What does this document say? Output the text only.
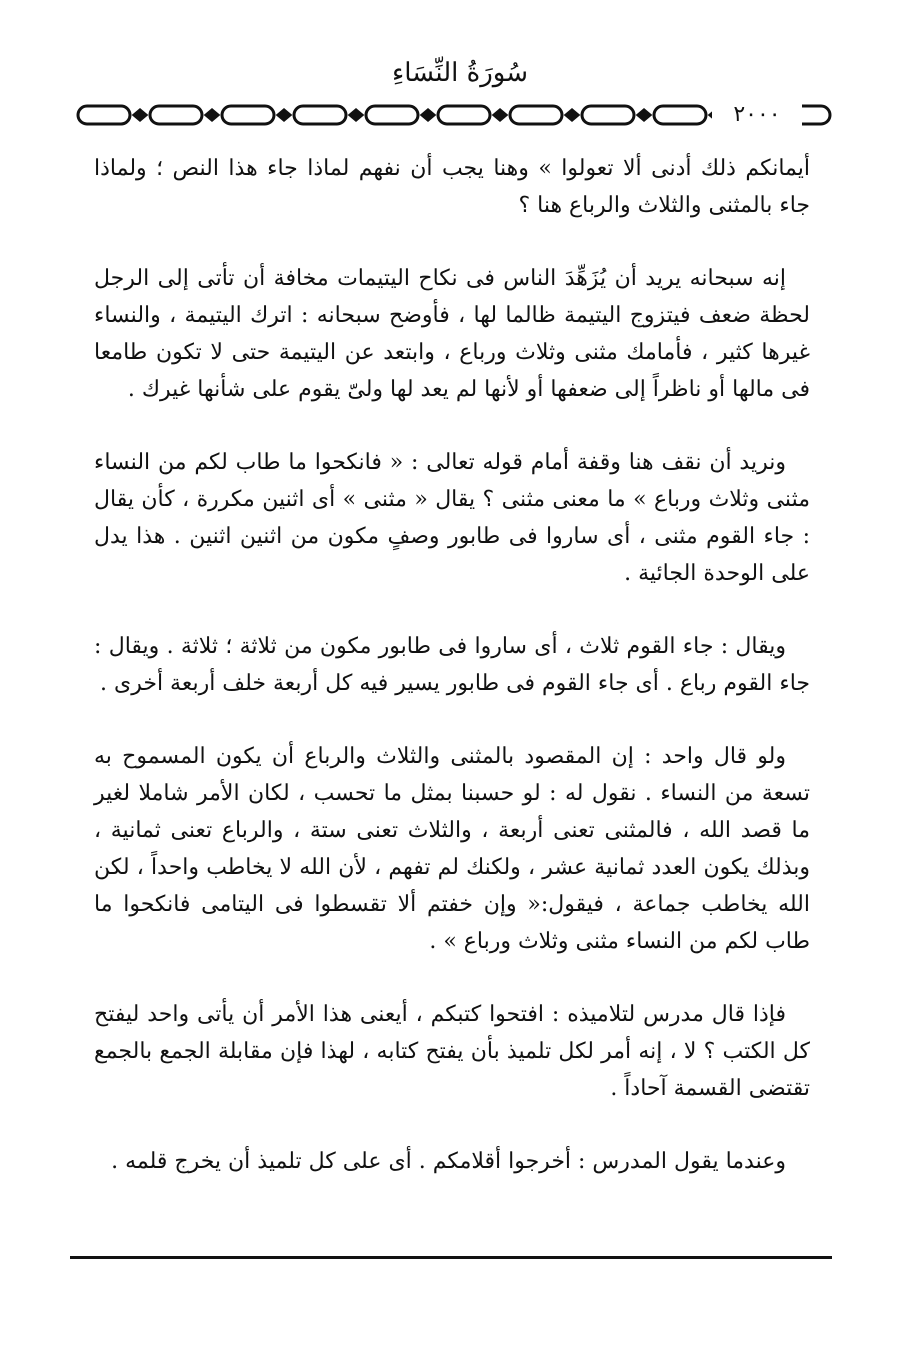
سُورَةُ النِّسَاءِ
٢٠٠٠

أيمانكم ذلك أدنى ألا تعولوا » وهنا يجب أن نفهم لماذا جاء هذا النص ؛ ولماذا جاء بالمثنى والثلاث والرباع هنا ؟

إنه سبحانه يريد أن يُزَهِّدَ الناس فى نكاح اليتيمات مخافة أن تأتى إلى الرجل لحظة ضعف فيتزوج اليتيمة ظالما لها ، فأوضح سبحانه : اترك اليتيمة ، والنساء غيرها كثير ، فأمامك مثنى وثلاث ورباع ، وابتعد عن اليتيمة حتى لا تكون طامعا فى مالها أو ناظراً إلى ضعفها أو لأنها لم يعد لها ولىّ يقوم على شأنها غيرك .

ونريد أن نقف هنا وقفة أمام قوله تعالى : « فانكحوا ما طاب لكم من النساء مثنى وثلاث ورباع » ما معنى مثنى ؟ يقال « مثنى » أى اثنين مكررة ، كأن يقال : جاء القوم مثنى ، أى ساروا فى طابور وصفٍ مكون من اثنين اثنين . هذا يدل على الوحدة الجائية .

ويقال : جاء القوم ثلاث ، أى ساروا فى طابور مكون من ثلاثة ؛ ثلاثة . ويقال : جاء القوم رباع . أى جاء القوم فى طابور يسير فيه كل أربعة خلف أربعة أخرى .

ولو قال واحد : إن المقصود بالمثنى والثلاث والرباع أن يكون المسموح به تسعة من النساء . نقول له : لو حسبنا بمثل ما تحسب ، لكان الأمر شاملا لغير ما قصد الله ، فالمثنى تعنى أربعة ، والثلاث تعنى ستة ، والرباع تعنى ثمانية ، وبذلك يكون العدد ثمانية عشر ، ولكنك لم تفهم ، لأن الله لا يخاطب واحداً ، لكن الله يخاطب جماعة ، فيقول:« وإن خفتم ألا تقسطوا فى اليتامى فانكحوا ما طاب لكم من النساء مثنى وثلاث ورباع » .

فإذا قال مدرس لتلاميذه : افتحوا كتبكم ، أيعنى هذا الأمر أن يأتى واحد ليفتح كل الكتب ؟ لا ، إنه أمر لكل تلميذ بأن يفتح كتابه ، لهذا فإن مقابلة الجمع بالجمع تقتضى القسمة آحاداً .

وعندما يقول المدرس : أخرجوا أقلامكم . أى على كل تلميذ أن يخرج قلمه .
